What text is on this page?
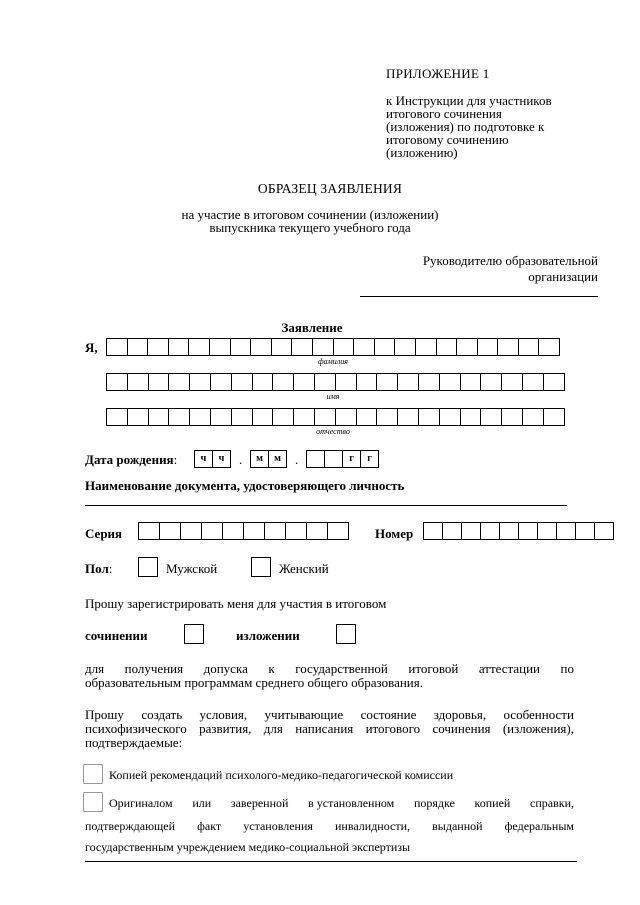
ПРИЛОЖЕНИЕ 1
к Инструкции для участников
итогового сочинения
(изложения) по подготовке к
итоговому сочинению
(изложению)
ОБРАЗЕЦ ЗАЯВЛЕНИЯ
на участие в итоговом сочинении (изложении)
выпускника текущего учебного года
Руководителю образовательной
организации
Заявление
Я,
фамилия
имя
отчество
Дата рождения:	ч	ч	.	м	м	.	г	г
Наименование документа, удостоверяющего личность
Серия	Номер
Пол:	Мужской	Женский
Прошу зарегистрировать меня для участия в итоговом
сочинении	изложении
для получения допуска к государственной итоговой аттестации по
образовательным программам среднего общего образования.
Прошу создать условия, учитывающие состояние здоровья, особенности
психофизического развития, для написания итогового сочинения (изложения),
подтверждаемые:
Копией рекомендаций психолого-медико-педагогической комиссии
Оригиналом или заверенной в установленном порядке копией справки,
подтверждающей факт установления инвалидности, выданной федеральным
государственным учреждением медико-социальной экспертизы
